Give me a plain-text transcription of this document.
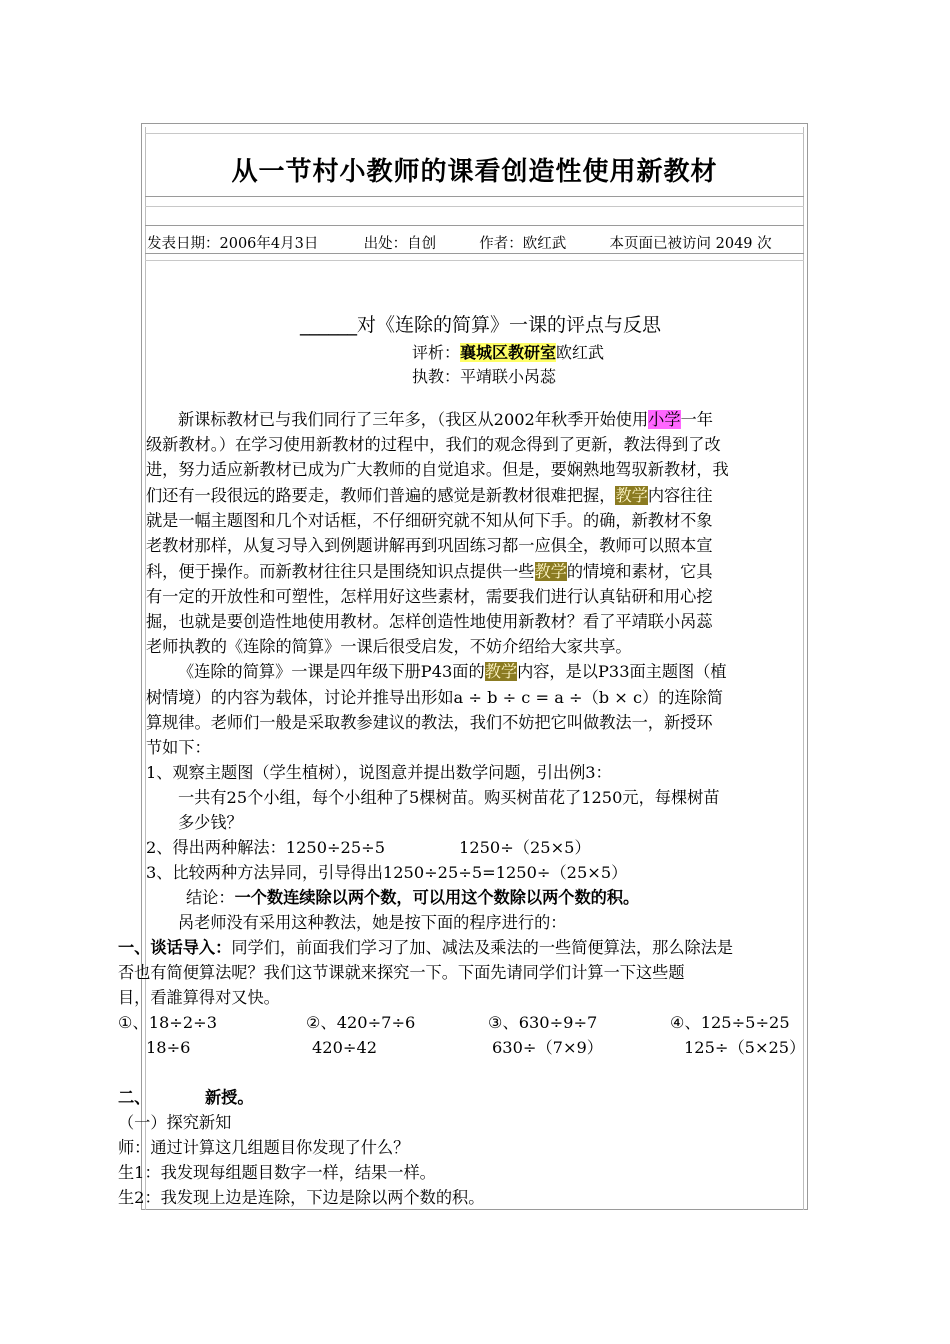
从一节村小教师的课看创造性使用新教材
发表日期：2006年4月3日	出处：自创	作者：欧红武	本页面已被访问 2049 次
______对《连除的简算》一课的评点与反思
评析：襄城区教研室欧红武
执教：平靖联小呙蕊
新课标教材已与我们同行了三年多，（我区从2002年秋季开始使用小学一年
级新教材。）在学习使用新教材的过程中，我们的观念得到了更新，教法得到了改
进，努力适应新教材已成为广大教师的自觉追求。但是，要娴熟地驾驭新教材，我
们还有一段很远的路要走，教师们普遍的感觉是新教材很难把握，教学内容往往
就是一幅主题图和几个对话框，不仔细研究就不知从何下手。的确，新教材不象
老教材那样，从复习导入到例题讲解再到巩固练习都一应俱全，教师可以照本宣
科，便于操作。而新教材往往只是围绕知识点提供一些教学的情境和素材，它具
有一定的开放性和可塑性，怎样用好这些素材，需要我们进行认真钻研和用心挖
掘，也就是要创造性地使用教材。怎样创造性地使用新教材？看了平靖联小呙蕊
老师执教的《连除的简算》一课后很受启发，不妨介绍给大家共享。
《连除的简算》一课是四年级下册P43面的教学内容，是以P33面主题图（植
树情境）的内容为载体，讨论并推导出形如a ÷ b ÷ c = a ÷（b × c）的连除简
算规律。老师们一般是采取教参建议的教法，我们不妨把它叫做教法一，新授环
节如下：
1、观察主题图（学生植树），说图意并提出数学问题，引出例3：
一共有25个小组，每个小组种了5棵树苗。购买树苗花了1250元，每棵树苗
多少钱？
2、得出两种解法：1250÷25÷5	1250÷（25×5）
3、比较两种方法异同，引导得出1250÷25÷5=1250÷（25×5）
结论：一个数连续除以两个数，可以用这个数除以两个数的积。
呙老师没有采用这种教法，她是按下面的程序进行的：
一、谈话导入：同学们，前面我们学习了加、减法及乘法的一些简便算法，那么除法是
否也有简便算法呢？我们这节课就来探究一下。下面先请同学们计算一下这些题
目，看誰算得对又快。
①、18÷2÷3	②、420÷7÷6	③、630÷9÷7	④、125÷5÷25
18÷6	420÷42	630÷（7×9）	125÷（5×25）
二、	新授。
（一）探究新知
师：通过计算这几组题目你发现了什么？
生1：我发现每组题目数字一样，结果一样。
生2：我发现上边是连除，下边是除以两个数的积。
